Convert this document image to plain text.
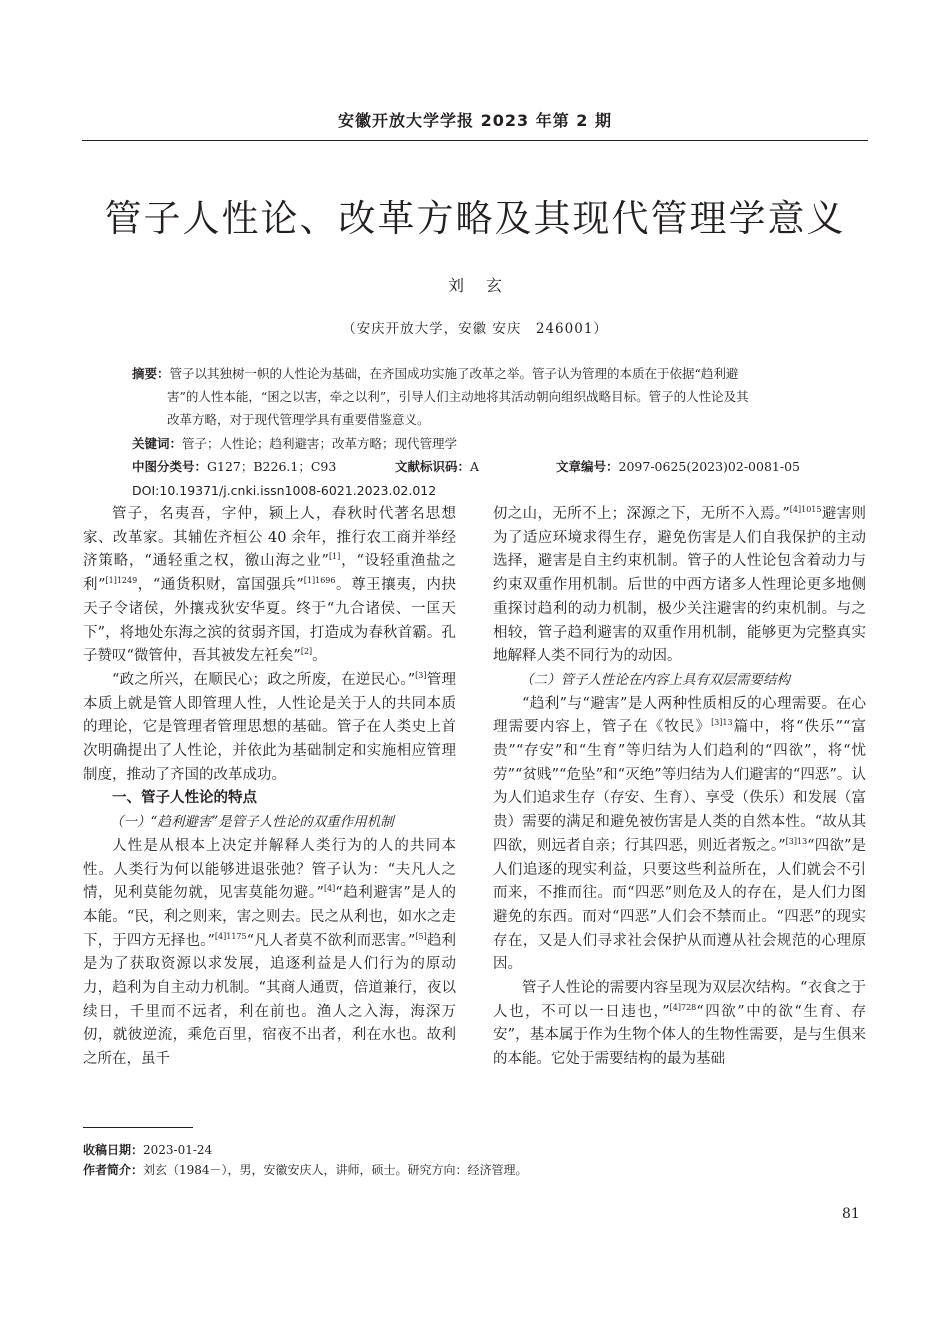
安徽开放大学学报 2023 年第 2 期
管子人性论、改革方略及其现代管理学意义
刘玄
（安庆开放大学，安徽 安庆　246001）
摘要：管子以其独树一帜的人性论为基础，在齐国成功实施了改革之举。管子认为管理的本质在于依据“趋利避
害”的人性本能，“囷之以害，牵之以利”，引导人们主动地将其活动朝向组织战略目标。管子的人性论及其
改革方略，对于现代管理学具有重要借鉴意义。
关键词：管子；人性论；趋利避害；改革方略；现代管理学
中图分类号：G127；B226.1；C93	文献标识码：A	文章编号：2097-0625(2023)02-0081-05
DOI:10.19371/j.cnki.issn1008-6021.2023.02.012

管子，名夷吾，字仲，颍上人，春秋时代著名思想家、改革家。其辅佐齐桓公 40 余年，推行农工商并举经济策略，“通轻重之权，徼山海之业”[1]，“设轻重渔盐之利”$^{[1]1249}$，“通货积财，富国强兵”$^{[1]1696}$。尊王攘夷，内抉天子令诸侯，外攘戎狄安华夏。终于“九合诸侯、一匡天下”，将地处东海之滨的贫弱齐国，打造成为春秋首霸。孔子赞叹“微管仲，吾其被发左衽矣”[2]。

“政之所兴，在顺民心；政之所废，在逆民心。”[3]管理本质上就是管人即管理人性，人性论是关于人的共同本质的理论，它是管理者管理思想的基础。管子在人类史上首次明确提出了人性论，并依此为基础制定和实施相应管理制度，推动了齐国的改革成功。

一、管子人性论的特点

（一）“趋利避害”是管子人性论的双重作用机制

人性是从根本上决定并解释人类行为的人的共同本性。人类行为何以能够进退张弛？管子认为：“夫凡人之情，见利莫能勿就，见害莫能勿避。”[4]“趋利避害”是人的本能。“民，利之则来，害之则去。民之从利也，如水之走下，于四方无择也。”$^{[4]1175}$“凡人者莫不欲利而恶害。”[5]趋利是为了获取资源以求发展，追逐利益是人们行为的原动力，趋利为自主动力机制。“其商人通贾，倍道兼行，夜以续日，千里而不远者，利在前也。渔人之入海，海深万仞，就彼逆流，乘危百里，宿夜不出者，利在水也。故利之所在，虽千

仞之山，无所不上；深源之下，无所不入焉。”$^{[4]1015}$避害则为了适应环境求得生存，避免伤害是人们自我保护的主动选择，避害是自主约束机制。管子的人性论包含着动力与约束双重作用机制。后世的中西方诸多人性理论更多地侧重探讨趋利的动力机制，极少关注避害的约束机制。与之相较，管子趋利避害的双重作用机制，能够更为完整真实地解释人类不同行为的动因。

（二）管子人性论在内容上具有双层需要结构

“趋利”与“避害”是人两种性质相反的心理需要。在心理需要内容上，管子在《牧民》$^{[3]13}$篇中，将“佚乐”“富贵”“存安”和“生育”等归结为人们趋利的“四欲”，将“忧劳”“贫贱”“危坠”和“灭绝”等归结为人们避害的“四恶”。认为人们追求生存（存安、生育）、享受（佚乐）和发展（富贵）需要的满足和避免被伤害是人类的自然本性。“故从其四欲，则远者自亲；行其四恶，则近者叛之。”$^{[3]13}$“四欲”是人们追逐的现实利益，只要这些利益所在，人们就会不引而来，不推而往。而“四恶”则危及人的存在，是人们力图避免的东西。而对“四恶”人们会不禁而止。“四恶”的现实存在，又是人们寻求社会保护从而遵从社会规范的心理原因。

管子人性论的需要内容呈现为双层次结构。“衣食之于人也，不可以一日违也，”$^{[4]728}$“四欲”中的欲“生育、存安”，基本属于作为生物个体人的生物性需要，是与生俱来的本能。它处于需要结构的最为基础

收稿日期：2023-01-24
作者简介：刘玄（1984－），男，安徽安庆人，讲师，硕士。研究方向：经济管理。
81
